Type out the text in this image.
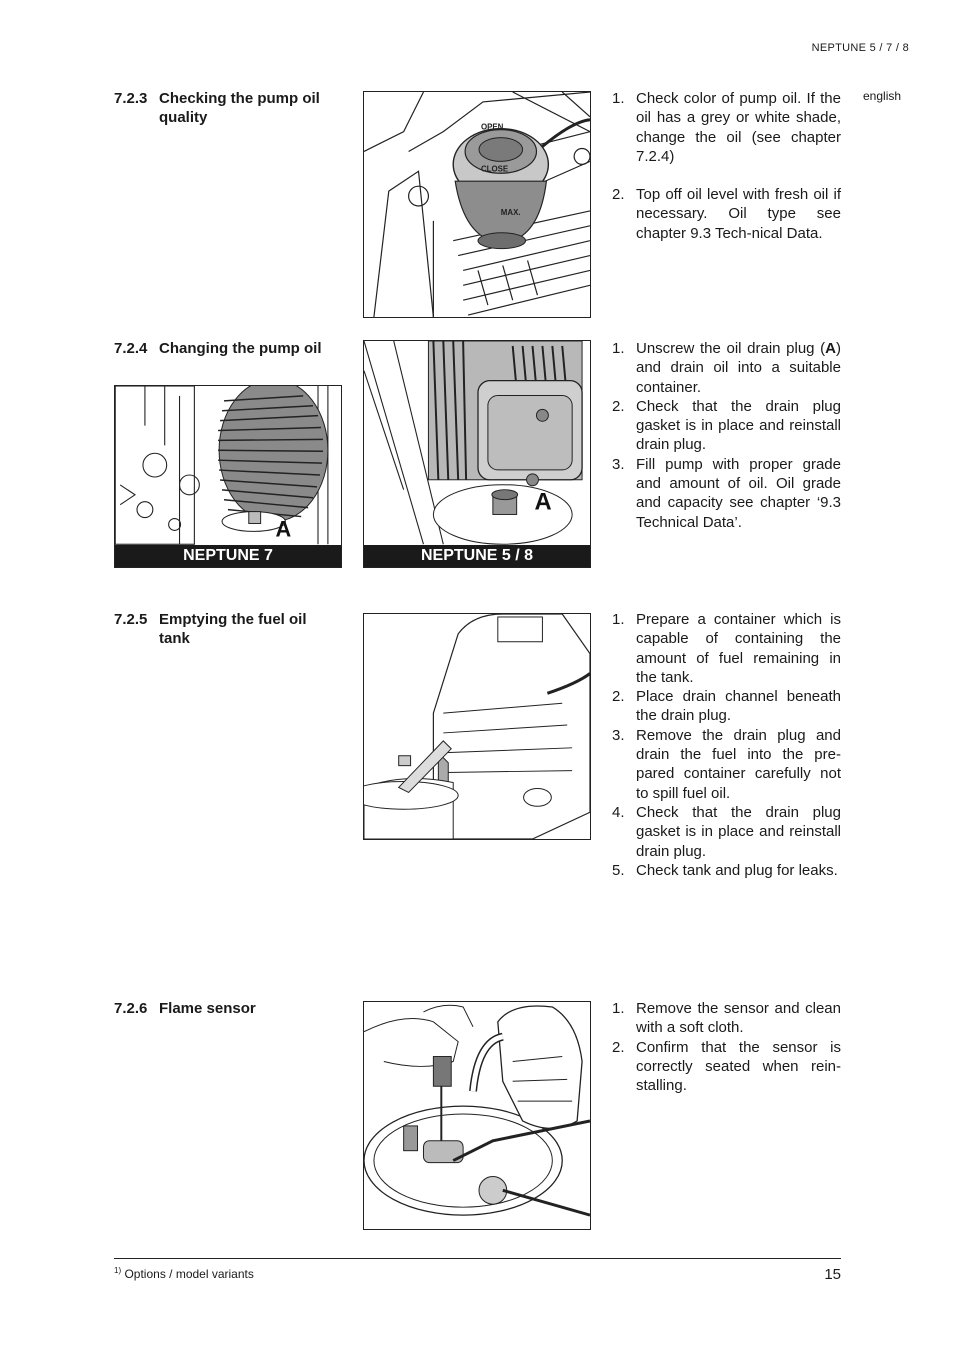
NEPTUNE 5 / 7 / 8
english
7.2.3 Checking the pump oil quality
OPEN
CLOSE
MAX.
1. Check color of pump oil. If the oil has a grey or white shade, change the oil (see chapter 7.2.4)
2. Top off oil level with fresh oil if necessary. Oil type see chapter 9.3 Tech-nical Data.
7.2.4 Changing the pump oil
A
NEPTUNE 7
A
NEPTUNE 5 / 8
1. Unscrew the oil drain plug (A) and drain oil into a suitable container.
2. Check that the drain plug gasket is in place and reinstall drain plug.
3. Fill pump with proper grade and amount of oil. Oil grade and capacity see chapter ‘9.3 Technical Data’.
7.2.5 Emptying the fuel oil tank
1. Prepare a container which is capable of containing the amount of fuel remaining in the tank.
2. Place drain channel beneath the drain plug.
3. Remove the drain plug and drain the fuel into the pre-pared container carefully not to spill fuel oil.
4. Check that the drain plug gasket is in place and reinstall drain plug.
5. Check tank and plug for leaks.
7.2.6 Flame sensor	1. Remove the sensor and clean with a soft cloth.
2. Confirm that the sensor is correctly seated when rein-stalling.
$^{1)}$ Options / model variants	15
